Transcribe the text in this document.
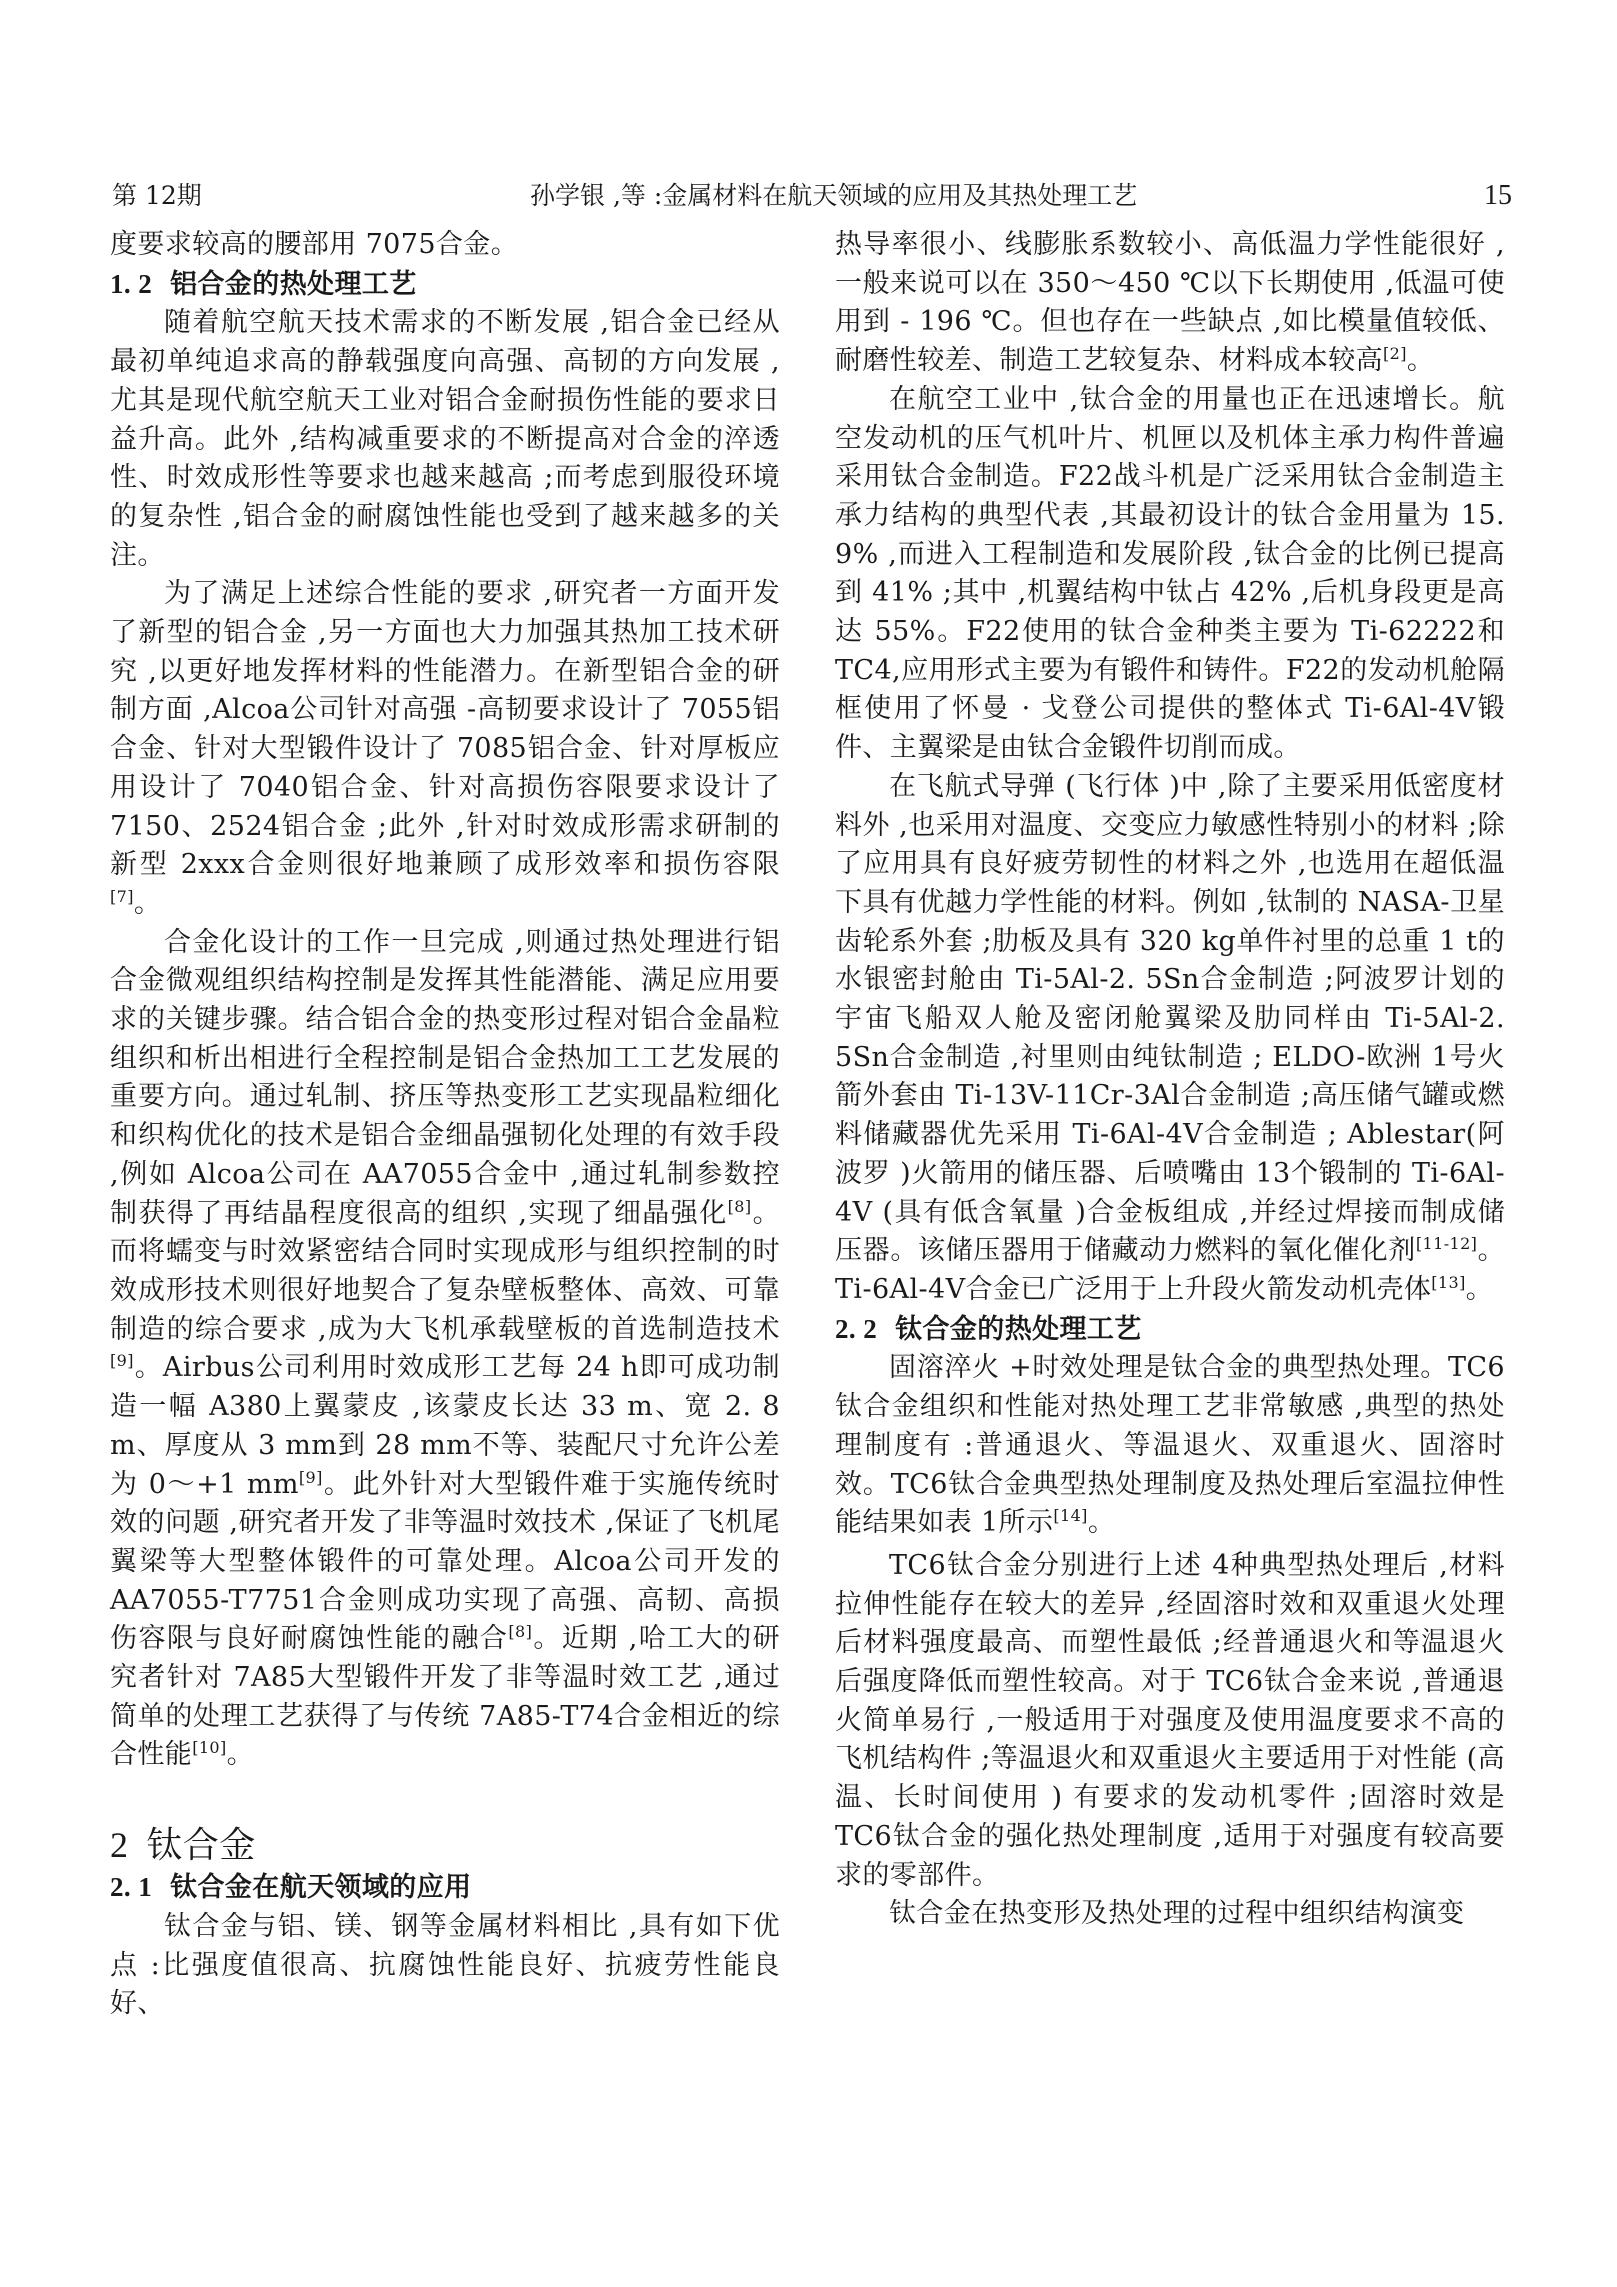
第 12期	孙学银 ,等 :金属材料在航天领域的应用及其热处理工艺	15

度要求较高的腰部用 7075合金。

1. 2 铝合金的热处理工艺

随着航空航天技术需求的不断发展 ,铝合金已经从最初单纯追求高的静载强度向高强、高韧的方向发展 ,尤其是现代航空航天工业对铝合金耐损伤性能的要求日益升高。此外 ,结构减重要求的不断提高对合金的淬透性、时效成形性等要求也越来越高 ;而考虑到服役环境的复杂性 ,铝合金的耐腐蚀性能也受到了越来越多的关注。

为了满足上述综合性能的要求 ,研究者一方面开发了新型的铝合金 ,另一方面也大力加强其热加工技术研究 ,以更好地发挥材料的性能潜力。在新型铝合金的研制方面 ,Alcoa公司针对高强 -高韧要求设计了 7055铝合金、针对大型锻件设计了 7085铝合金、针对厚板应用设计了 7040铝合金、针对高损伤容限要求设计了 7150、2524铝合金 ;此外 ,针对时效成形需求研制的新型 2xxx合金则很好地兼顾了成形效率和损伤容限[7]。

合金化设计的工作一旦完成 ,则通过热处理进行铝合金微观组织结构控制是发挥其性能潜能、满足应用要求的关键步骤。结合铝合金的热变形过程对铝合金晶粒组织和析出相进行全程控制是铝合金热加工工艺发展的重要方向。通过轧制、挤压等热变形工艺实现晶粒细化和织构优化的技术是铝合金细晶强韧化处理的有效手段 ,例如 Alcoa公司在 AA7055合金中 ,通过轧制参数控制获得了再结晶程度很高的组织 ,实现了细晶强化[8]。而将蠕变与时效紧密结合同时实现成形与组织控制的时效成形技术则很好地契合了复杂壁板整体、高效、可靠制造的综合要求 ,成为大飞机承载壁板的首选制造技术[9]。Airbus公司利用时效成形工艺每 24 h即可成功制造一幅 A380上翼蒙皮 ,该蒙皮长达 33 m、宽 2. 8 m、厚度从 3 mm到 28 mm不等、装配尺寸允许公差为 0～+1 mm[9]。此外针对大型锻件难于实施传统时效的问题 ,研究者开发了非等温时效技术 ,保证了飞机尾翼梁等大型整体锻件的可靠处理。Alcoa公司开发的 AA7055-T7751合金则成功实现了高强、高韧、高损伤容限与良好耐腐蚀性能的融合[8]。近期 ,哈工大的研究者针对 7A85大型锻件开发了非等温时效工艺 ,通过简单的处理工艺获得了与传统 7A85-T74合金相近的综合性能[10]。

2 钛合金
2. 1 钛合金在航天领域的应用

钛合金与铝、镁、钢等金属材料相比 ,具有如下优点 :比强度值很高、抗腐蚀性能良好、抗疲劳性能良好、

热导率很小、线膨胀系数较小、高低温力学性能很好 ,一般来说可以在 350～450 ℃以下长期使用 ,低温可使用到 - 196 ℃。但也存在一些缺点 ,如比模量值较低、耐磨性较差、制造工艺较复杂、材料成本较高[2]。

在航空工业中 ,钛合金的用量也正在迅速增长。航空发动机的压气机叶片、机匣以及机体主承力构件普遍采用钛合金制造。F22战斗机是广泛采用钛合金制造主承力结构的典型代表 ,其最初设计的钛合金用量为 15. 9% ,而进入工程制造和发展阶段 ,钛合金的比例已提高到 41% ;其中 ,机翼结构中钛占 42% ,后机身段更是高达 55%。F22使用的钛合金种类主要为 Ti-62222和 TC4,应用形式主要为有锻件和铸件。F22的发动机舱隔框使用了怀曼 · 戈登公司提供的整体式 Ti-6Al-4V锻件、主翼梁是由钛合金锻件切削而成。

在飞航式导弹 (飞行体 )中 ,除了主要采用低密度材料外 ,也采用对温度、交变应力敏感性特别小的材料 ;除了应用具有良好疲劳韧性的材料之外 ,也选用在超低温下具有优越力学性能的材料。例如 ,钛制的 NASA-卫星齿轮系外套 ;肋板及具有 320 kg单件衬里的总重 1 t的水银密封舱由 Ti-5Al-2. 5Sn合金制造 ;阿波罗计划的宇宙飞船双人舱及密闭舱翼梁及肋同样由 Ti-5Al-2. 5Sn合金制造 ,衬里则由纯钛制造 ; ELDO-欧洲 1号火箭外套由 Ti-13V-11Cr-3Al合金制造 ;高压储气罐或燃料储藏器优先采用 Ti-6Al-4V合金制造 ; Ablestar(阿波罗 )火箭用的储压器、后喷嘴由 13个锻制的 Ti-6Al-4V (具有低含氧量 )合金板组成 ,并经过焊接而制成储压器。该储压器用于储藏动力燃料的氧化催化剂[11-12]。Ti-6Al-4V合金已广泛用于上升段火箭发动机壳体[13]。

2. 2 钛合金的热处理工艺

固溶淬火 +时效处理是钛合金的典型热处理。TC6钛合金组织和性能对热处理工艺非常敏感 ,典型的热处理制度有 :普通退火、等温退火、双重退火、固溶时效。TC6钛合金典型热处理制度及热处理后室温拉伸性能结果如表 1所示[14]。

TC6钛合金分别进行上述 4种典型热处理后 ,材料拉伸性能存在较大的差异 ,经固溶时效和双重退火处理后材料强度最高、而塑性最低 ;经普通退火和等温退火后强度降低而塑性较高。对于 TC6钛合金来说 ,普通退火简单易行 ,一般适用于对强度及使用温度要求不高的飞机结构件 ;等温退火和双重退火主要适用于对性能 (高温、长时间使用 ) 有要求的发动机零件 ;固溶时效是 TC6钛合金的强化热处理制度 ,适用于对强度有较高要求的零部件。

钛合金在热变形及热处理的过程中组织结构演变
